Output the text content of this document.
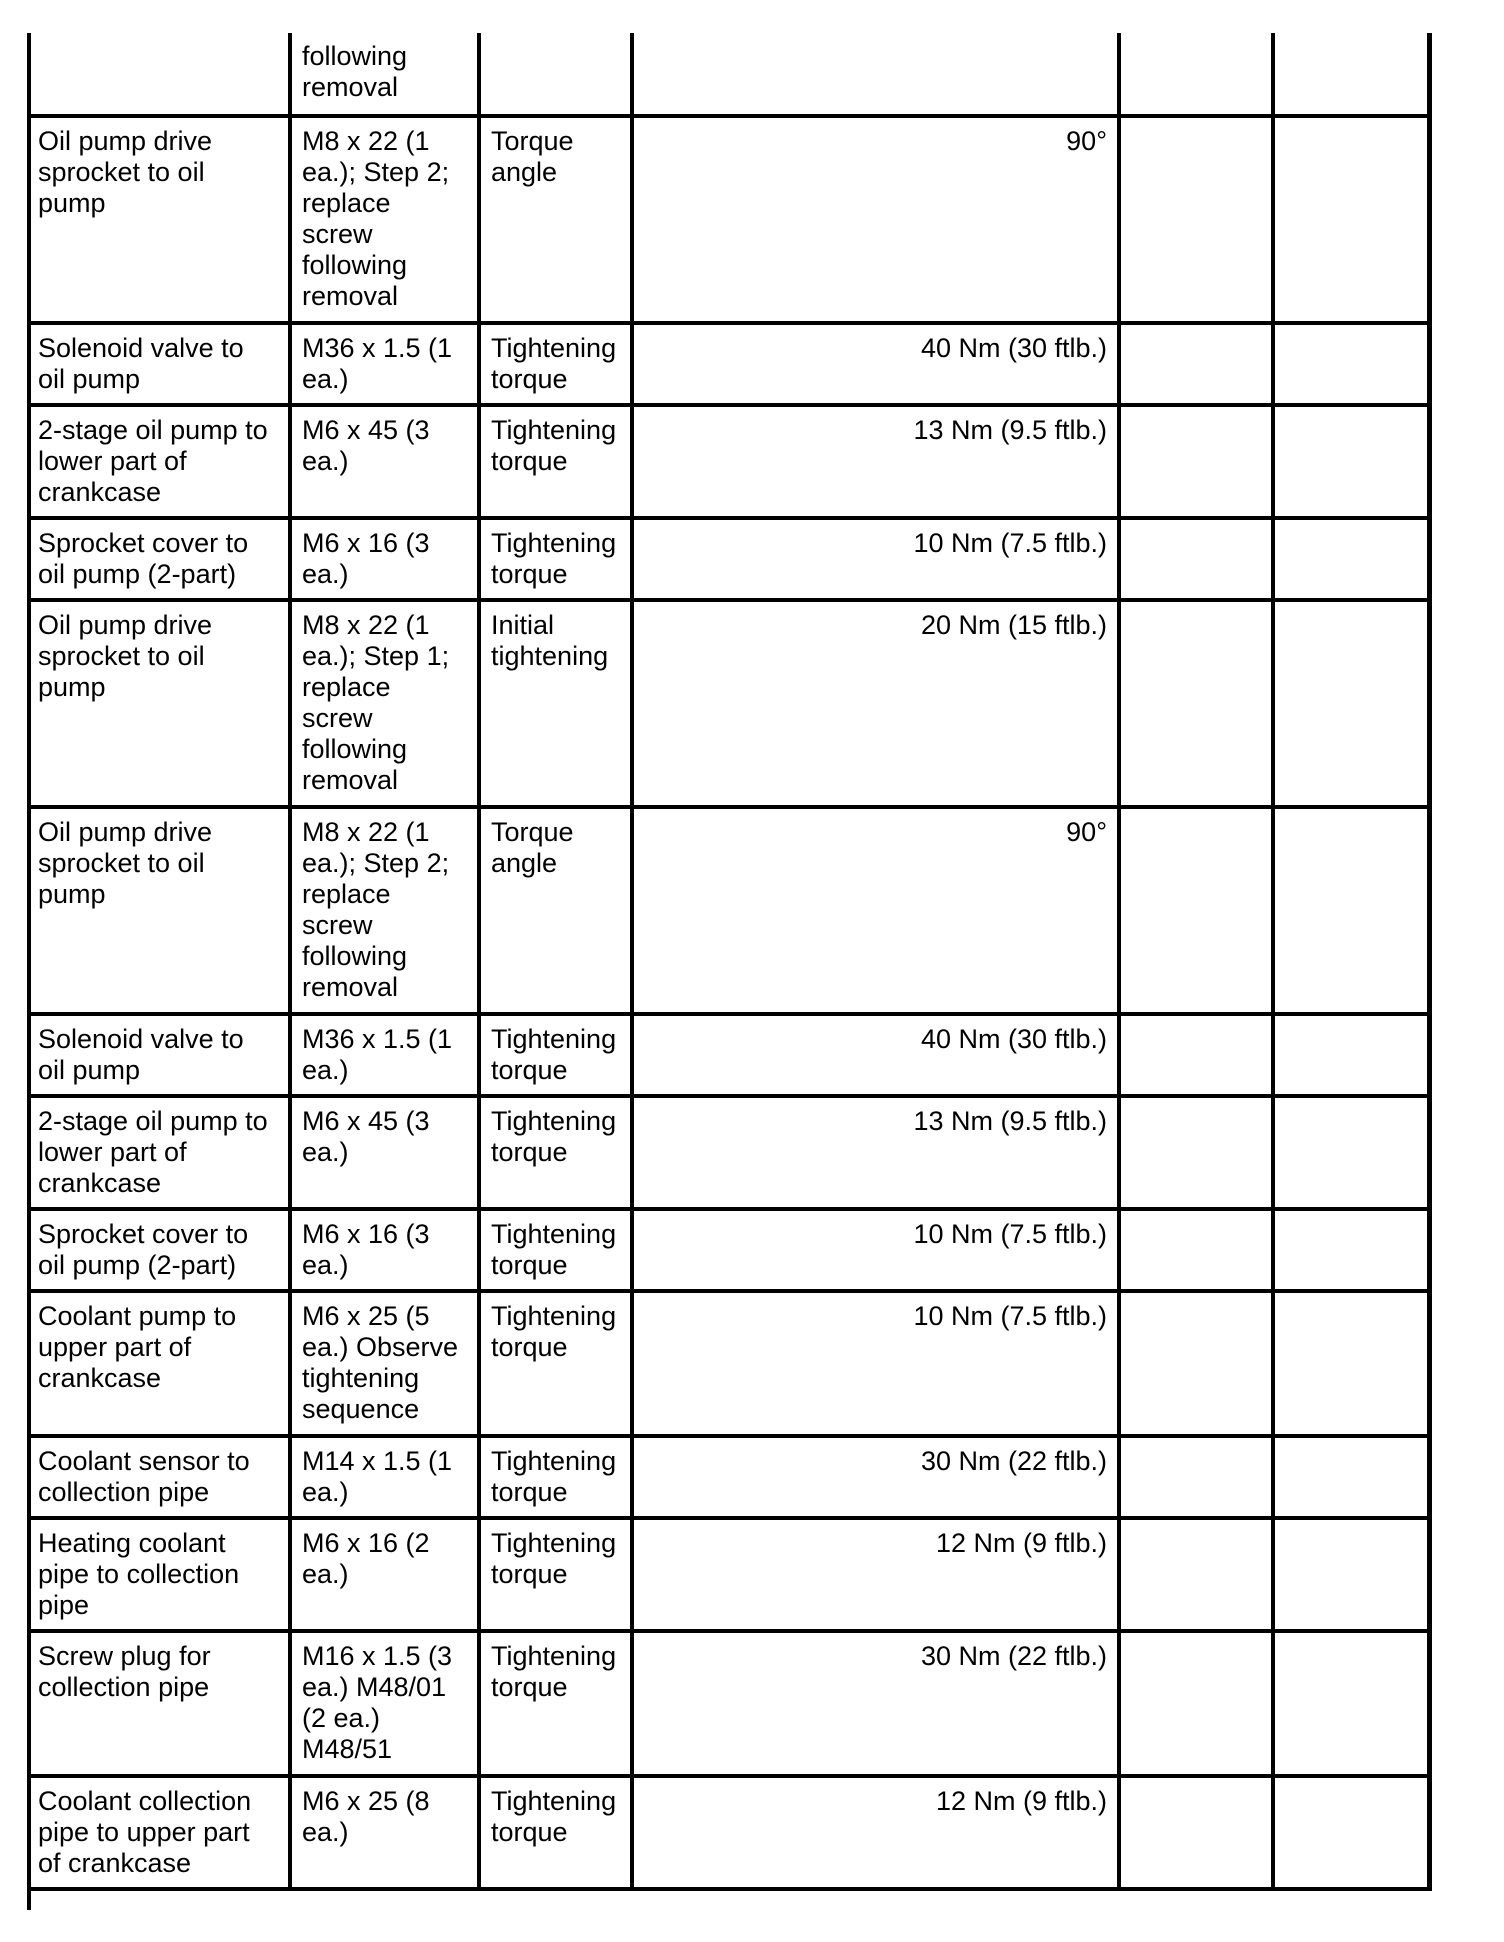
	following removal				
Oil pump drive sprocket to oil pump	M8 x 22 (1 ea.); Step 2; replace screw following removal	Torque angle	90°		
Solenoid valve to oil pump	M36 x 1.5 (1 ea.)	Tightening torque	40 Nm (30 ftlb.)		
2-stage oil pump to lower part of crankcase	M6 x 45 (3 ea.)	Tightening torque	13 Nm (9.5 ftlb.)		
Sprocket cover to oil pump (2-part)	M6 x 16 (3 ea.)	Tightening torque	10 Nm (7.5 ftlb.)		
Oil pump drive sprocket to oil pump	M8 x 22 (1 ea.); Step 1; replace screw following removal	Initial tightening	20 Nm (15 ftlb.)		
Oil pump drive sprocket to oil pump	M8 x 22 (1 ea.); Step 2; replace screw following removal	Torque angle	90°		
Solenoid valve to oil pump	M36 x 1.5 (1 ea.)	Tightening torque	40 Nm (30 ftlb.)		
2-stage oil pump to lower part of crankcase	M6 x 45 (3 ea.)	Tightening torque	13 Nm (9.5 ftlb.)		
Sprocket cover to oil pump (2-part)	M6 x 16 (3 ea.)	Tightening torque	10 Nm (7.5 ftlb.)		
Coolant pump to upper part of crankcase	M6 x 25 (5 ea.) Observe tightening sequence	Tightening torque	10 Nm (7.5 ftlb.)		
Coolant sensor to collection pipe	M14 x 1.5 (1 ea.)	Tightening torque	30 Nm (22 ftlb.)		
Heating coolant pipe to collection pipe	M6 x 16 (2 ea.)	Tightening torque	12 Nm (9 ftlb.)		
Screw plug for collection pipe	M16 x 1.5 (3 ea.) M48/01 (2 ea.) M48/51	Tightening torque	30 Nm (22 ftlb.)		
Coolant collection pipe to upper part of crankcase	M6 x 25 (8 ea.)	Tightening torque	12 Nm (9 ftlb.)		
